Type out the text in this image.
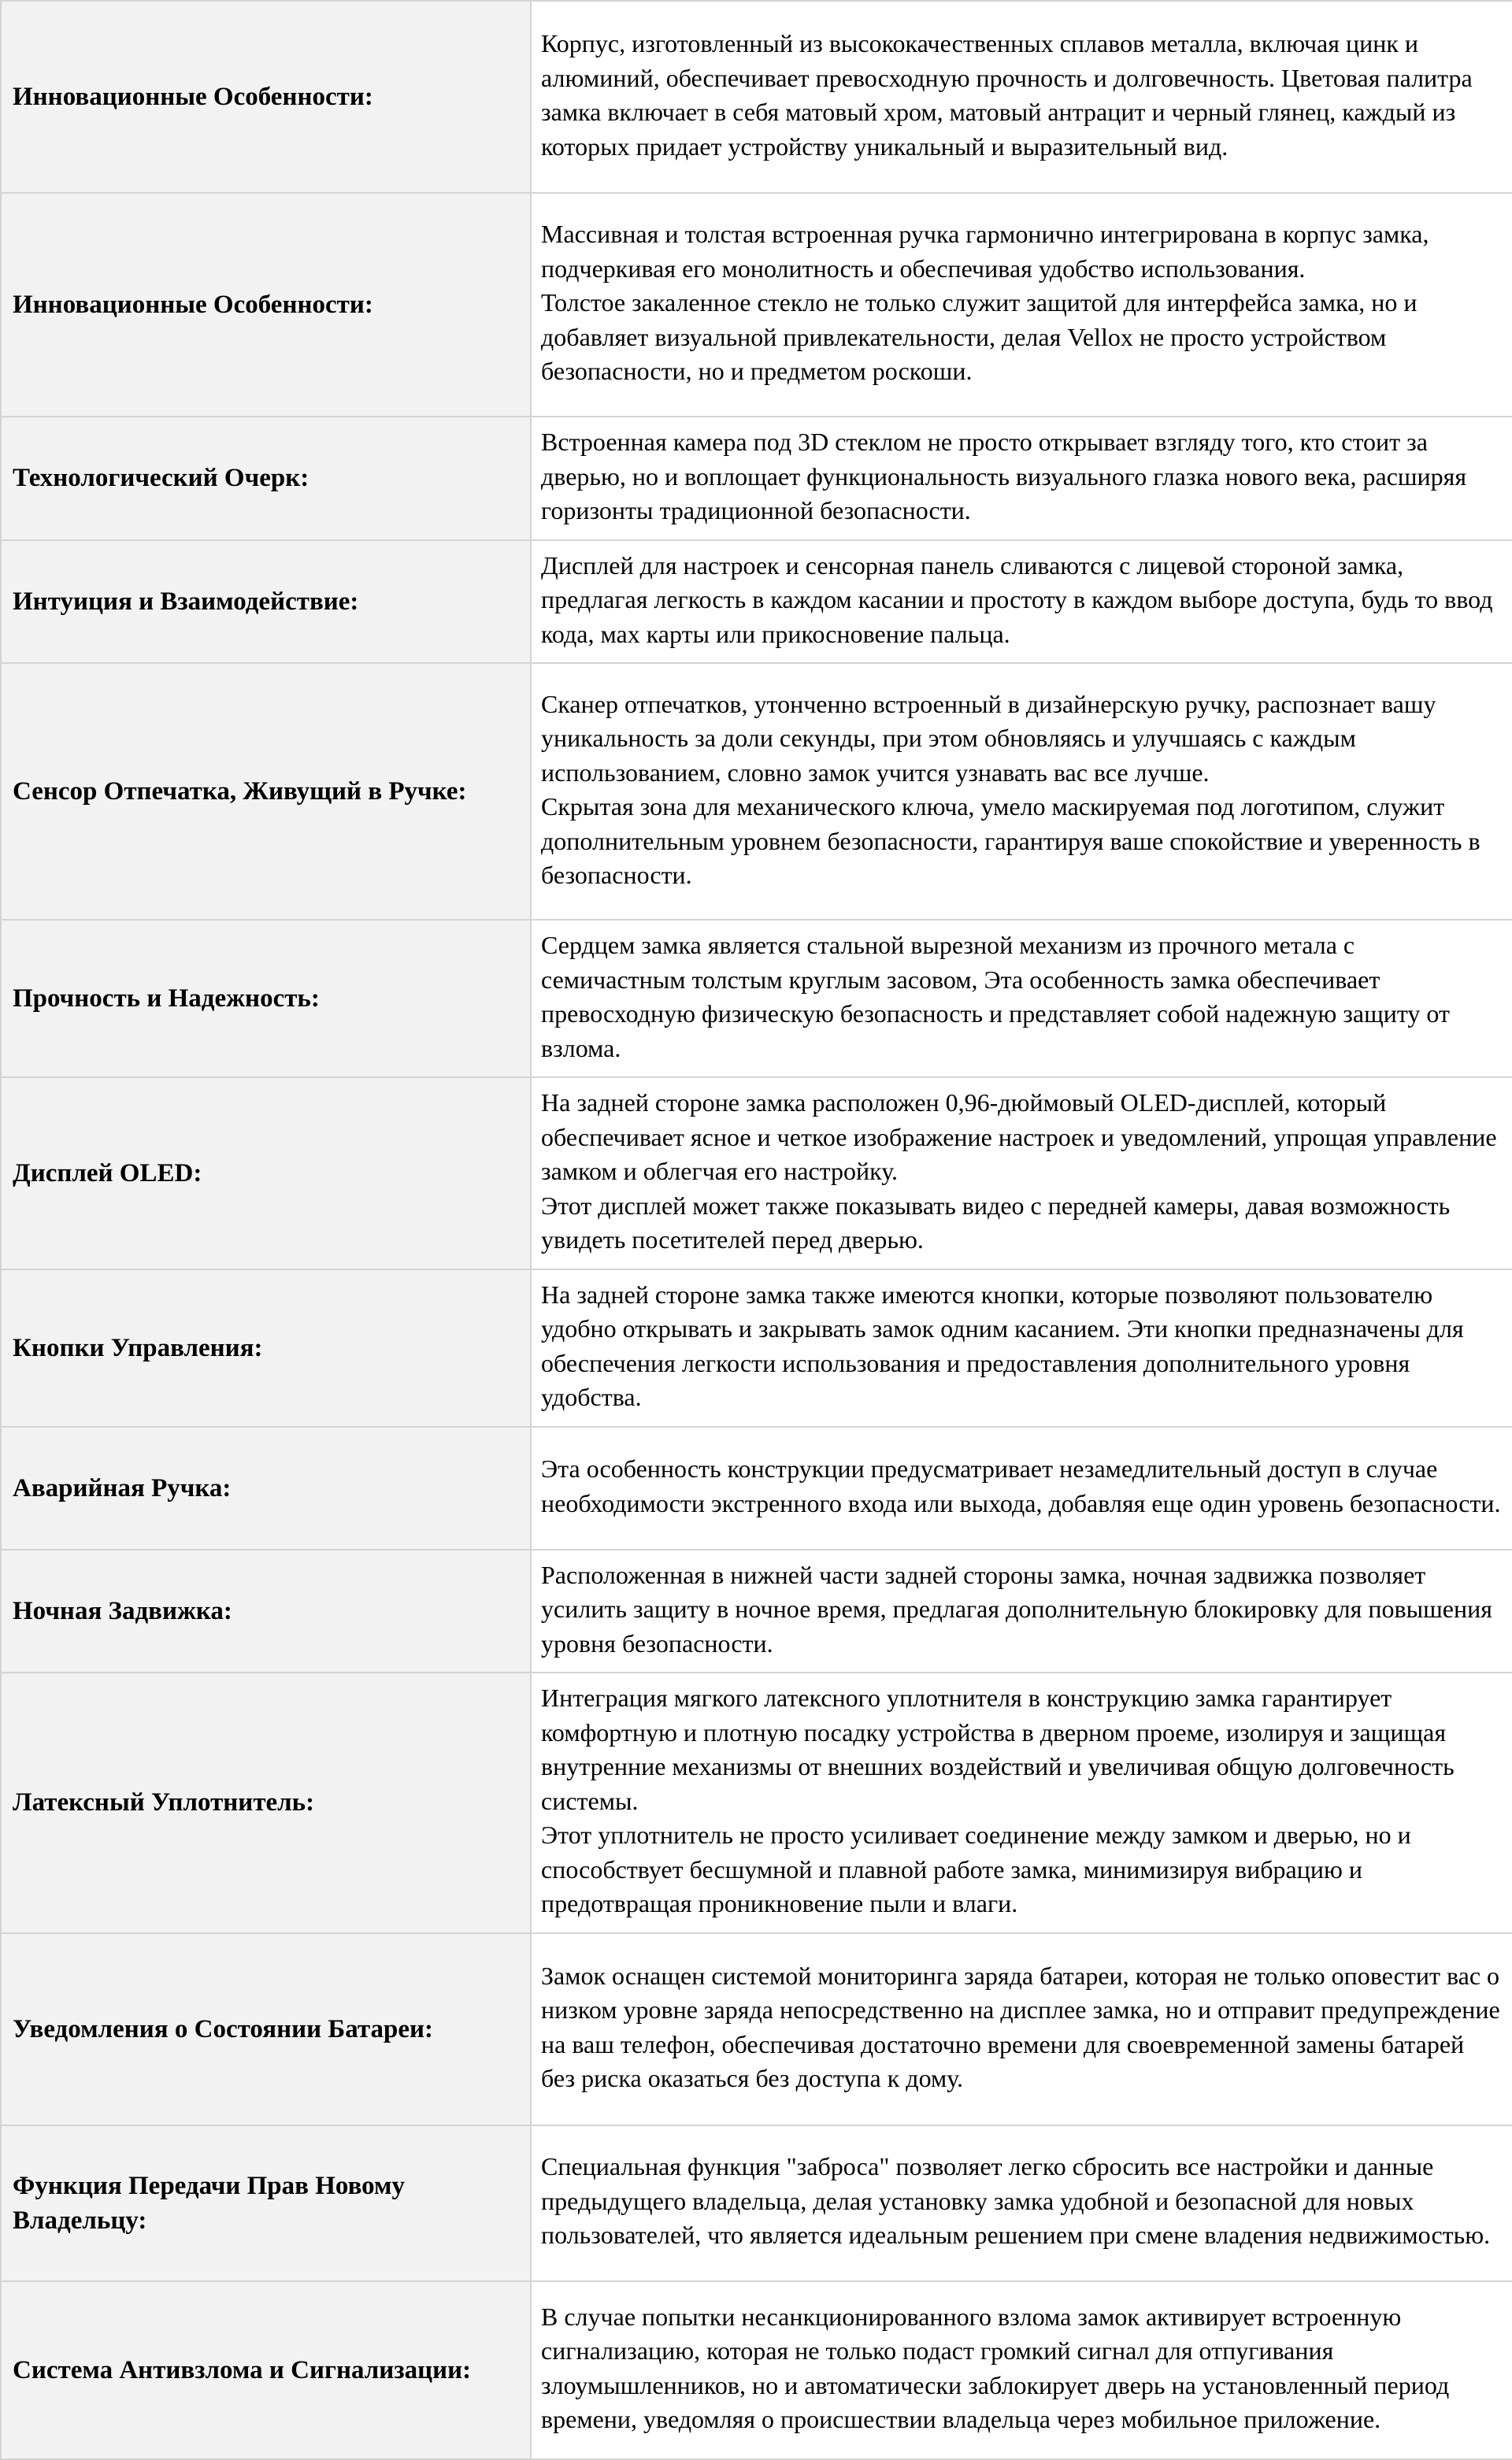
Инновационные Особенности:	Корпус, изготовленный из высококачественных сплавов металла, включая цинк и алюминий, обеспечивает превосходную прочность и долговечность. Цветовая палитра замка включает в себя матовый хром, матовый антрацит и черный глянец, каждый из которых придает устройству уникальный и выразительный вид.

Инновационные Особенности:	Массивная и толстая встроенная ручка гармонично интегрирована в корпус замка, подчеркивая его монолитность и обеспечивая удобство использования.
Толстое закаленное стекло не только служит защитой для интерфейса замка, но и добавляет визуальной привлекательности, делая Vellox не просто устройством безопасности, но и предметом роскоши.

Технологический Очерк:	Встроенная камера под 3D стеклом не просто открывает взгляду того, кто стоит за дверью, но и воплощает функциональность визуального глазка нового века, расширяя горизонты традиционной безопасности.

Интуиция и Взаимодействие:	Дисплей для настроек и сенсорная панель сливаются с лицевой стороной замка, предлагая легкость в каждом касании и простоту в каждом выборе доступа, будь то ввод кода, мах карты или прикосновение пальца.

Сенсор Отпечатка, Живущий в Ручке:	Сканер отпечатков, утонченно встроенный в дизайнерскую ручку, распознает вашу уникальность за доли секунды, при этом обновляясь и улучшаясь с каждым использованием, словно замок учится узнавать вас все лучше.
Скрытая зона для механического ключа, умело маскируемая под логотипом, служит дополнительным уровнем безопасности, гарантируя ваше спокойствие и уверенность в безопасности.

Прочность и Надежность:	Сердцем замка является стальной вырезной механизм из прочного метала с семичастным толстым круглым засовом, Эта особенность замка обеспечивает превосходную физическую безопасность и представляет собой надежную защиту от взлома.

Дисплей OLED:	На задней стороне замка расположен 0,96-дюймовый OLED-дисплей, который обеспечивает ясное и четкое изображение настроек и уведомлений, упрощая управление замком и облегчая его настройку.
Этот дисплей может также показывать видео с передней камеры, давая возможность увидеть посетителей перед дверью.

Кнопки Управления:	На задней стороне замка также имеются кнопки, которые позволяют пользователю удобно открывать и закрывать замок одним касанием. Эти кнопки предназначены для обеспечения легкости использования и предоставления дополнительного уровня удобства.

Аварийная Ручка:	Эта особенность конструкции предусматривает незамедлительный доступ в случае необходимости экстренного входа или выхода, добавляя еще один уровень безопасности.

Ночная Задвижка:	Расположенная в нижней части задней стороны замка, ночная задвижка позволяет усилить защиту в ночное время, предлагая дополнительную блокировку для повышения уровня безопасности.

Латексный Уплотнитель:	Интеграция мягкого латексного уплотнителя в конструкцию замка гарантирует комфортную и плотную посадку устройства в дверном проеме, изолируя и защищая внутренние механизмы от внешних воздействий и увеличивая общую долговечность системы.
Этот уплотнитель не просто усиливает соединение между замком и дверью, но и способствует бесшумной и плавной работе замка, минимизируя вибрацию и предотвращая проникновение пыли и влаги.

Уведомления о Состоянии Батареи:	Замок оснащен системой мониторинга заряда батареи, которая не только оповестит вас о низком уровне заряда непосредственно на дисплее замка, но и отправит предупреждение на ваш телефон, обеспечивая достаточно времени для своевременной замены батарей без риска оказаться без доступа к дому.

Функция Передачи Прав Новому Владельцу:	Специальная функция "заброса" позволяет легко сбросить все настройки и данные предыдущего владельца, делая установку замка удобной и безопасной для новых пользователей, что является идеальным решением при смене владения недвижимостью.

Система Антивзлома и Сигнализации:	В случае попытки несанкционированного взлома замок активирует встроенную сигнализацию, которая не только подаст громкий сигнал для отпугивания злоумышленников, но и автоматически заблокирует дверь на установленный период времени, уведомляя о происшествии владельца через мобильное приложение.
